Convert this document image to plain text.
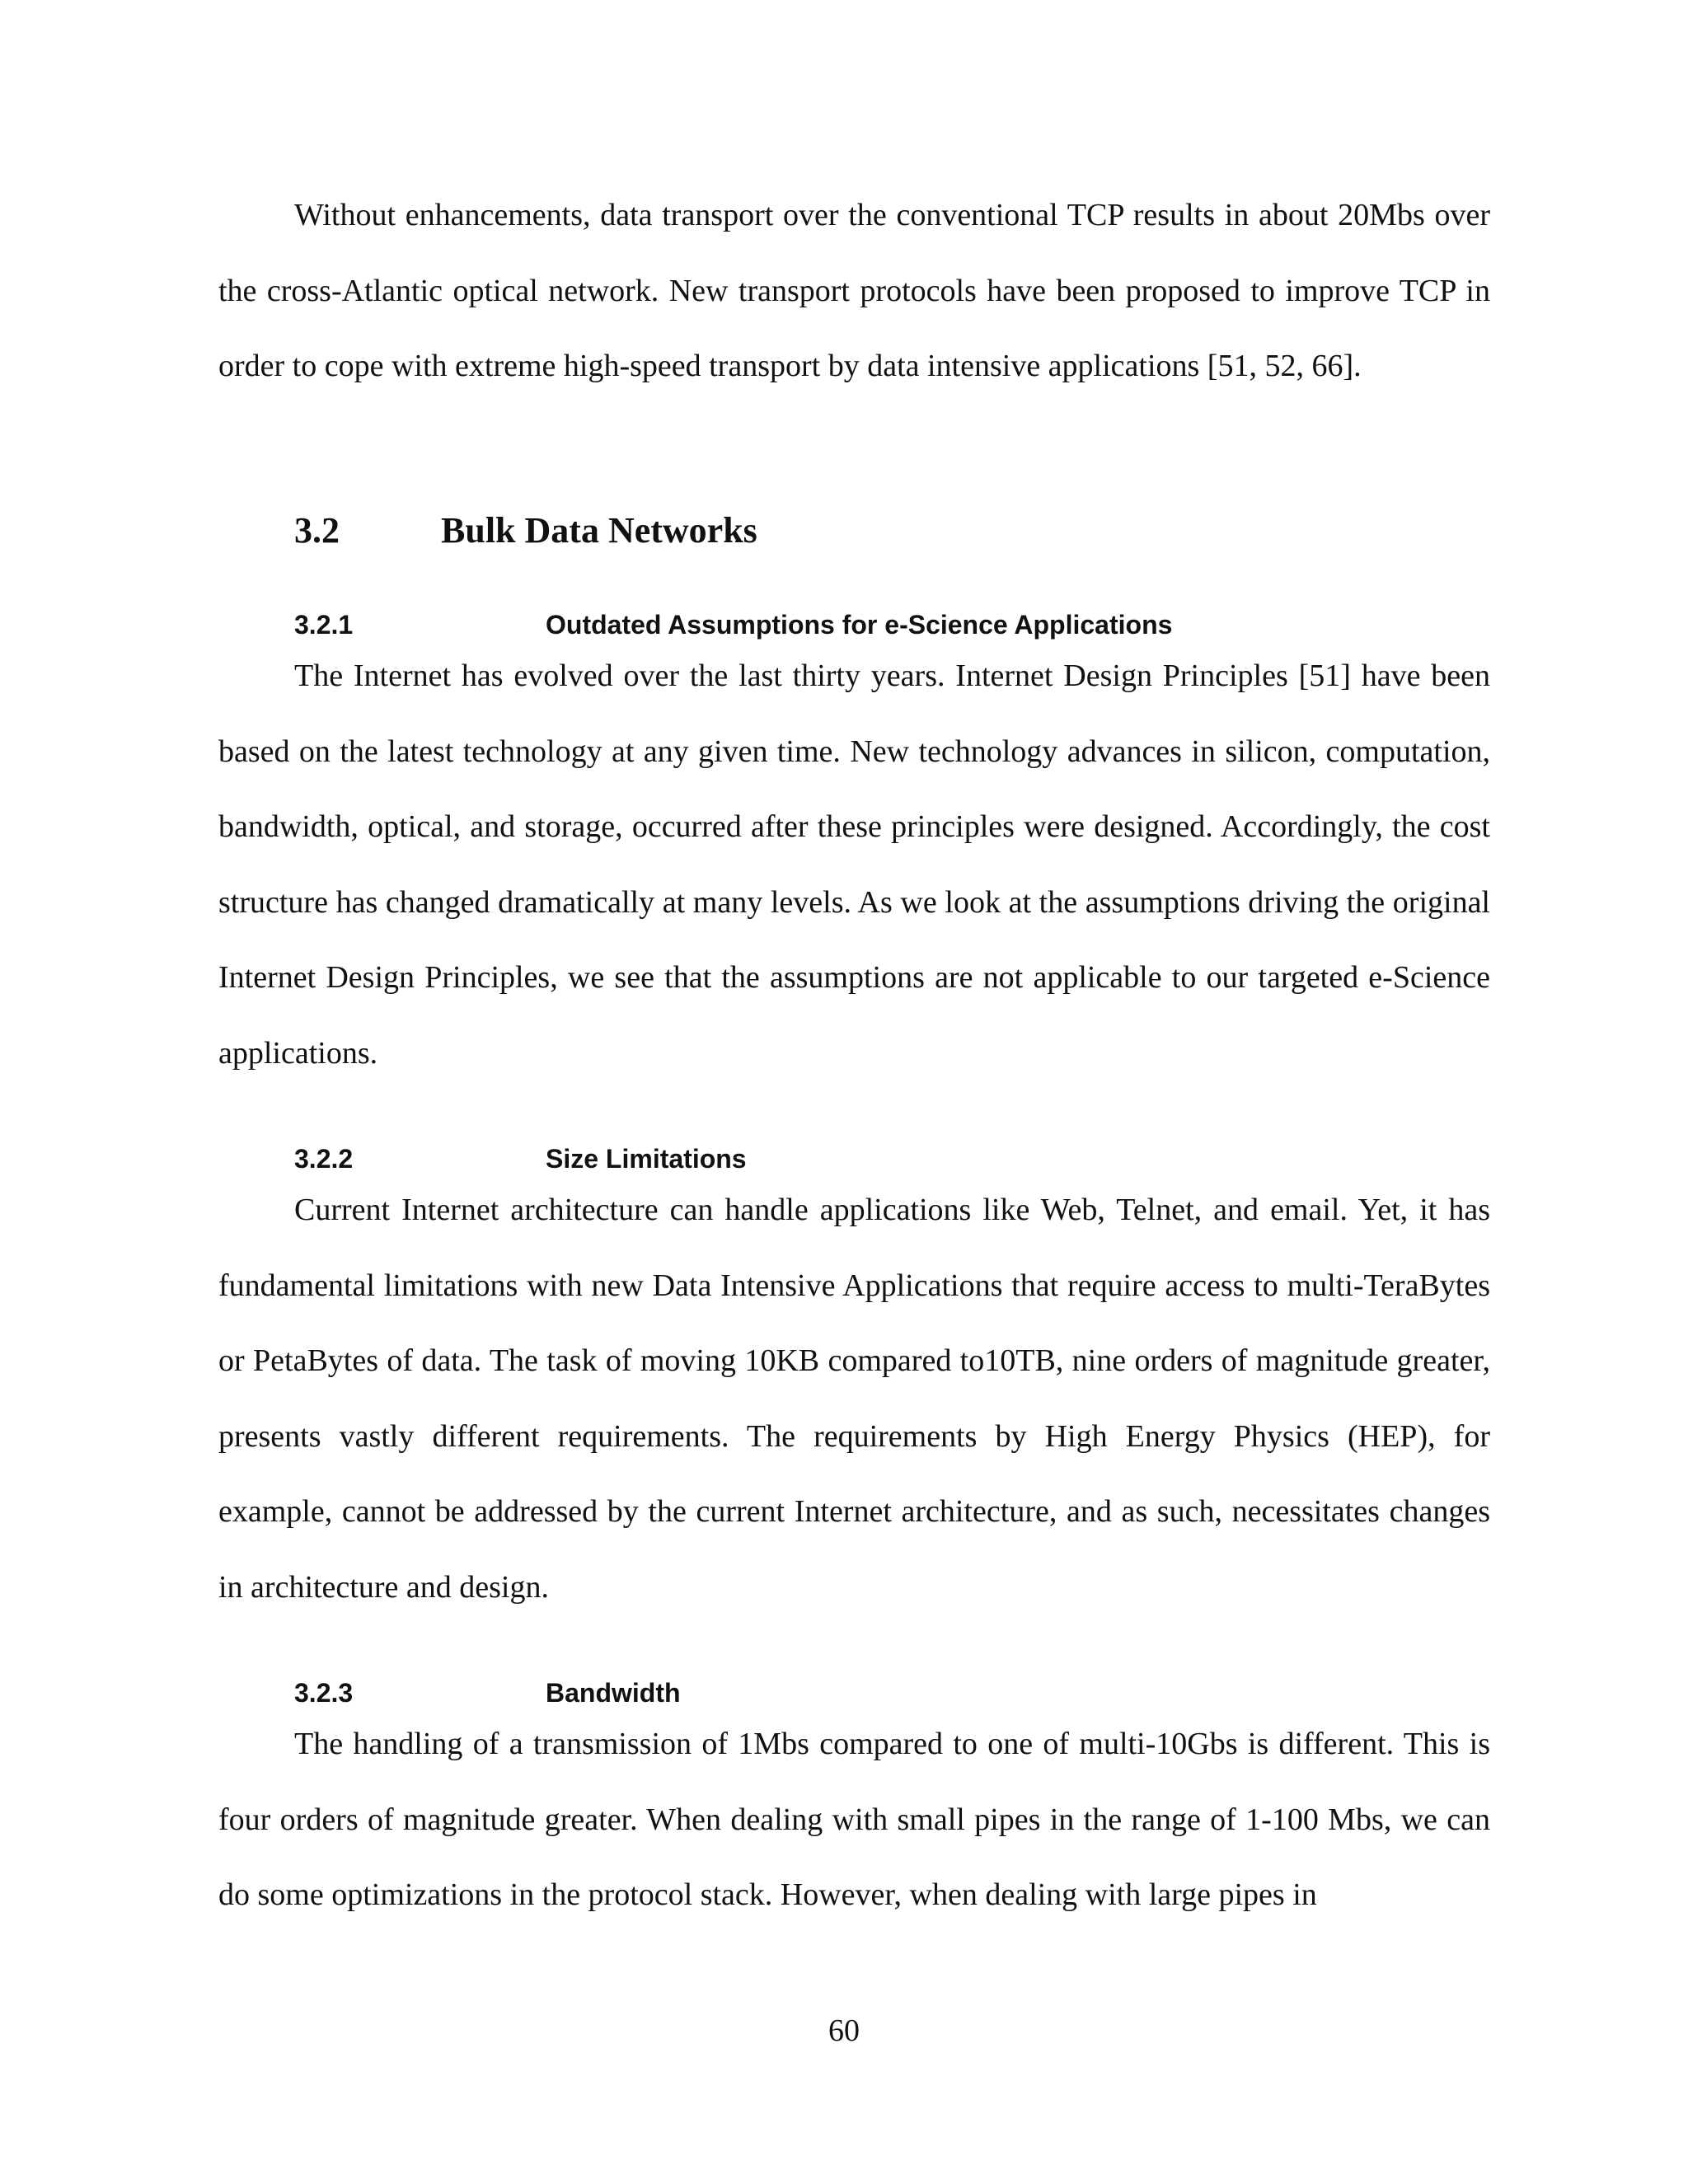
Without enhancements, data transport over the conventional TCP results in about 20Mbs over the cross-Atlantic optical network. New transport protocols have been proposed to improve TCP in order to cope with extreme high-speed transport by data intensive applications [51, 52, 66].

3.2	Bulk Data Networks
3.2.1	Outdated Assumptions for e-Science Applications

The Internet has evolved over the last thirty years. Internet Design Principles [51] have been based on the latest technology at any given time. New technology advances in silicon, computation, bandwidth, optical, and storage, occurred after these principles were designed. Accordingly, the cost structure has changed dramatically at many levels. As we look at the assumptions driving the original Internet Design Principles, we see that the assumptions are not applicable to our targeted e-Science applications.

3.2.2	Size Limitations

Current Internet architecture can handle applications like Web, Telnet, and email. Yet, it has fundamental limitations with new Data Intensive Applications that require access to multi-TeraBytes or PetaBytes of data. The task of moving 10KB compared to10TB, nine orders of magnitude greater, presents vastly different requirements. The requirements by High Energy Physics (HEP), for example, cannot be addressed by the current Internet architecture, and as such, necessitates changes in architecture and design.

3.2.3	Bandwidth

The handling of a transmission of 1Mbs compared to one of multi-10Gbs is different. This is four orders of magnitude greater. When dealing with small pipes in the range of 1-100 Mbs, we can do some optimizations in the protocol stack. However, when dealing with large pipes in

60
